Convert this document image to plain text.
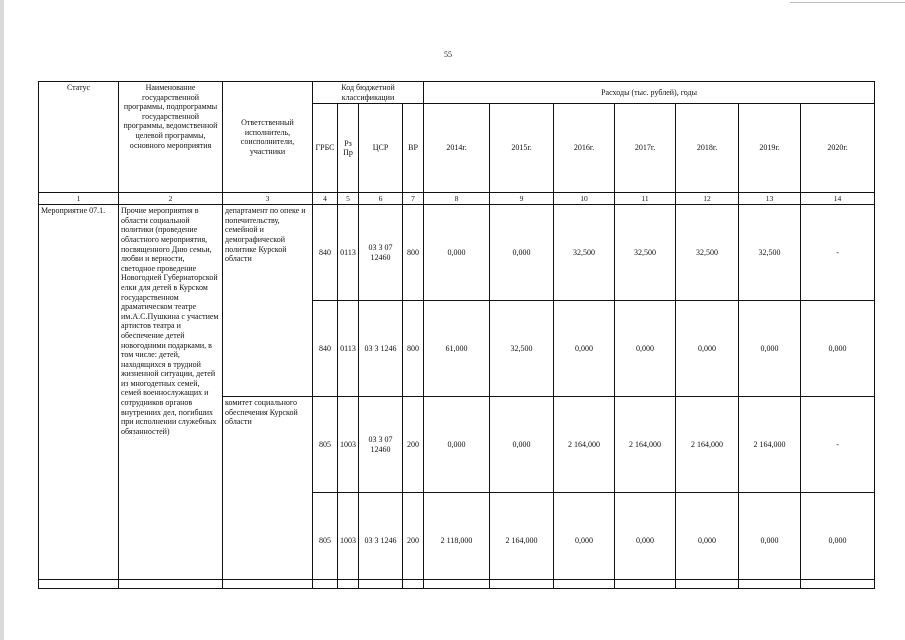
55
Статус	Наименование государственной программы, подпрограммы государственной программы, ведомственной целевой программы, основного мероприятия	Ответственный исполнитель, соисполнители, участники	Код бюджетной классификации				Расходы (тыс. рублей), годы						
			ГРБС	Рз Пр	ЦСР	ВР	2014г.	2015г.	2016г.	2017г.	2018г.	2019г.	2020г.
1	2	3	4	5	6	7	8	9	10	11	12	13	14
Мероприятие 07.1.	Прочие мероприятия в области социальной политики (проведение областного мероприятия, посвященного Дню семьи, любви и верности, светодное проведение Новогодней Губернаторской елки для детей в Курском государственном драматическом театре им.А.С.Пушкина с участием артистов театра и обеспечение детей новогодними подарками, в том числе: детей, находящихся в трудной жизненной ситуации, детей из многодетных семей, семей военнослужащих и сотрудников органов внутренних дел, погибших при исполнении служебных обязанностей)	департамент по опеке и попечительству, семейной и демографической политике Курской области	840	0113	03 3 07 12460	800	0,000	0,000	32,500	32,500	32,500	32,500	-
			840	0113	03 3 1246	800	61,000	32,500	0,000	0,000	0,000	0,000	0,000
		комитет социального обеспечения Курской области	805	1003	03 3 07 12460	200	0,000	0,000	2 164,000	2 164,000	2 164,000	2 164,000	-
			805	1003	03 3 1246	200	2 118,000	2 164,000	0,000	0,000	0,000	0,000	0,000
